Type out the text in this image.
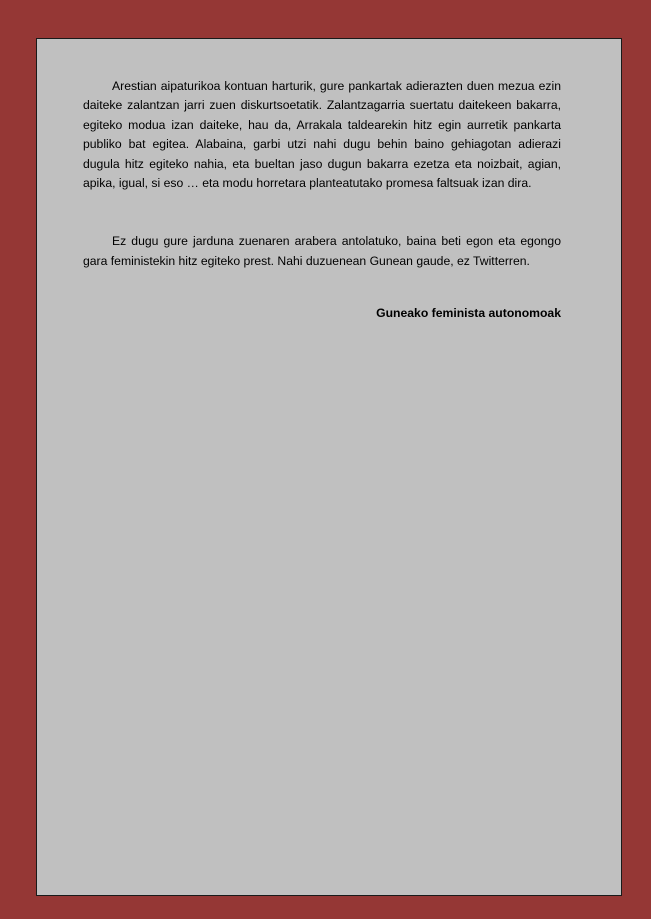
Arestian aipaturikoa kontuan harturik, gure pankartak adierazten duen mezua ezin daiteke zalantzan jarri zuen diskurtsoetatik. Zalantzagarria suertatu daitekeen bakarra, egiteko modua izan daiteke, hau da, Arrakala taldearekin hitz egin aurretik pankarta publiko bat egitea. Alabaina, garbi utzi nahi dugu behin baino gehiagotan adierazi dugula hitz egiteko nahia, eta bueltan jaso dugun bakarra ezetza eta noizbait, agian, apika, igual, si eso … eta modu horretara planteatutako promesa faltsuak izan dira.

Ez dugu gure jarduna zuenaren arabera antolatuko, baina beti egon eta egongo gara feministekin hitz egiteko prest. Nahi duzuenean Gunean gaude, ez Twitterren.

Guneako feminista autonomoak
